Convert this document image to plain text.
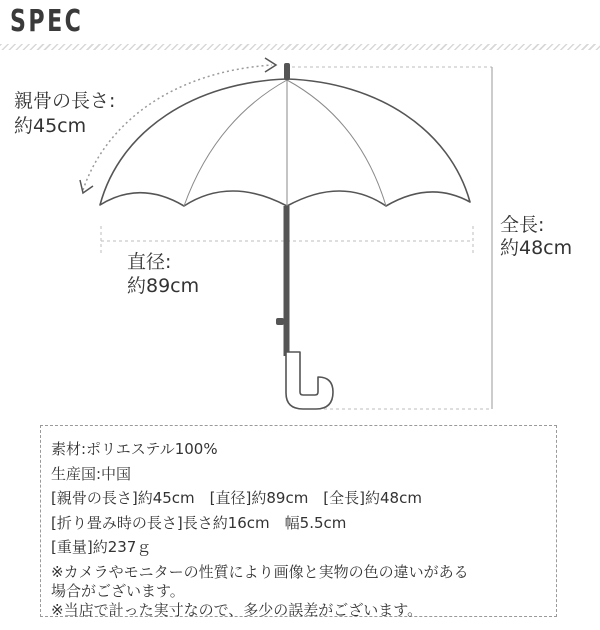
SPEC
親骨の長さ:
約45cm
直径:
約89cm
全長:
約48cm
素材:ポリエステル100%
生産国:中国
[親骨の長さ]約45cm　[直径]約89cm　[全長]約48cm
[折り畳み時の長さ]長さ約16cm　幅5.5cm
[重量]約237ｇ
※カメラやモニターの性質により画像と実物の色の違いがある
場合がございます。
※当店で計った実寸なので、多少の誤差がございます。
